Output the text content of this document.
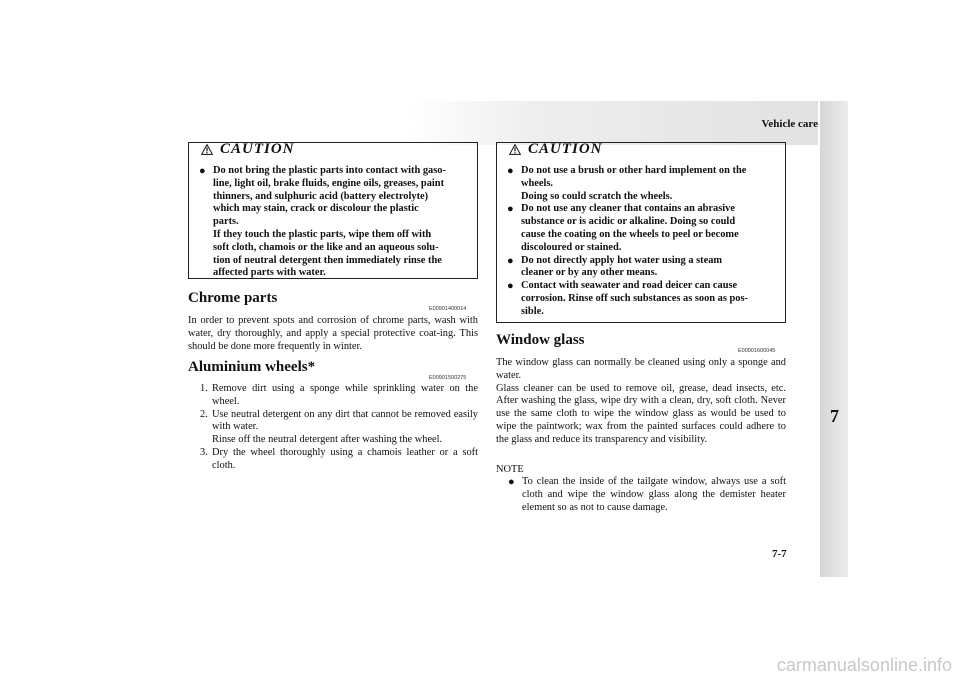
Vehicle care
7
CAUTION
● Do not bring the plastic parts into contact with gaso-
line, light oil, brake fluids, engine oils, greases, paint
thinners, and sulphuric acid (battery electrolyte)
which may stain, crack or discolour the plastic
parts.
If they touch the plastic parts, wipe them off with
soft cloth, chamois or the like and an aqueous solu-
tion of neutral detergent then immediately rinse the
affected parts with water.
Chrome parts
E00901400014

In order to prevent spots and corrosion of chrome parts, wash with water, dry thoroughly, and apply a special protective coat-ing. This should be done more frequently in winter.

Aluminium wheels*
E00901500275
1. Remove dirt using a sponge while sprinkling water on the wheel.
2. Use neutral detergent on any dirt that cannot be removed easily with water.
Rinse off the neutral detergent after washing the wheel.
3. Dry the wheel thoroughly using a chamois leather or a soft cloth.
CAUTION
● Do not use a brush or other hard implement on the
wheels.
Doing so could scratch the wheels.
● Do not use any cleaner that contains an abrasive
substance or is acidic or alkaline. Doing so could
cause the coating on the wheels to peel or become
discoloured or stained.
● Do not directly apply hot water using a steam
cleaner or by any other means.
● Contact with seawater and road deicer can cause
corrosion. Rinse off such substances as soon as pos-
sible.
Window glass
E00901600045

The window glass can normally be cleaned using only a sponge and water.

Glass cleaner can be used to remove oil, grease, dead insects, etc. After washing the glass, wipe dry with a clean, dry, soft cloth. Never use the same cloth to wipe the window glass as would be used to wipe the paintwork; wax from the painted surfaces could adhere to the glass and reduce its transparency and visibility.

NOTE
● To clean the inside of the tailgate window, always use a soft cloth and wipe the window glass along the demister heater element so as not to cause damage.
7-7
carmanualsonline.info
